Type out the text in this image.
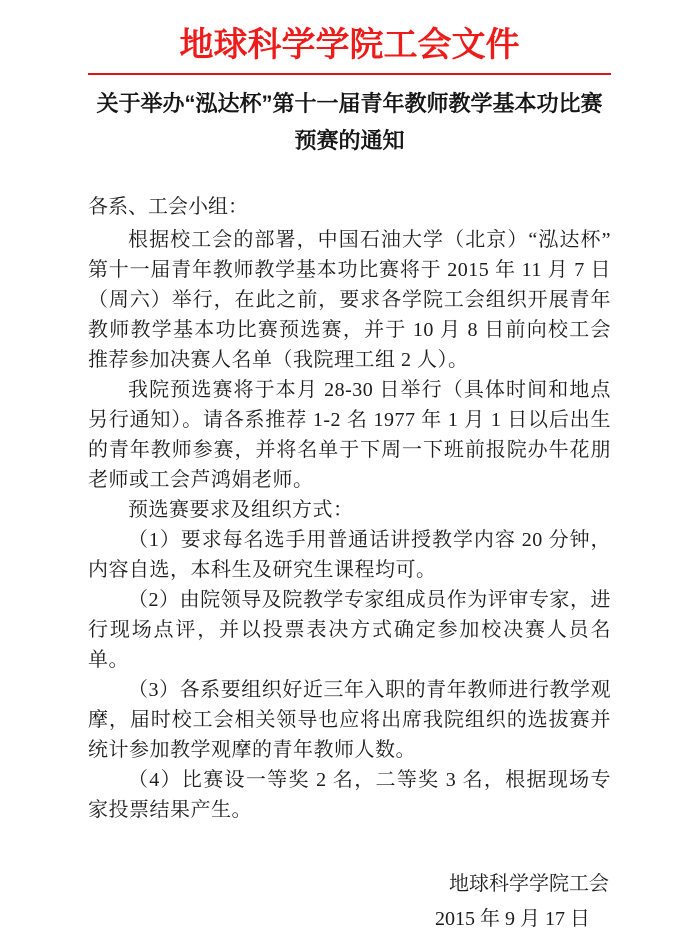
地球科学学院工会文件
关于举办“泓达杯”第十一届青年教师教学基本功比赛
预赛的通知

各系、工会小组：

根据校工会的部署，中国石油大学（北京）“泓达杯” 第十一届青年教师教学基本功比赛将于 2015 年 11 月 7 日（周六）举行，在此之前，要求各学院工会组织开展青年教师教学基本功比赛预选赛，并于 10 月 8 日前向校工会推荐参加决赛人名单（我院理工组 2 人）。

我院预选赛将于本月 28-30 日举行（具体时间和地点另行通知）。请各系推荐 1-2 名 1977 年 1 月 1 日以后出生的青年教师参赛，并将名单于下周一下班前报院办牛花朋老师或工会芦鸿娟老师。

预选赛要求及组织方式：

（1）要求每名选手用普通话讲授教学内容 20 分钟，内容自选，本科生及研究生课程均可。

（2）由院领导及院教学专家组成员作为评审专家，进行现场点评，并以投票表决方式确定参加校决赛人员名单。

（3）各系要组织好近三年入职的青年教师进行教学观摩，届时校工会相关领导也应将出席我院组织的选拔赛并统计参加教学观摩的青年教师人数。

（4）比赛设一等奖 2 名，二等奖 3 名，根据现场专家投票结果产生。

地球科学学院工会

2015 年 9 月 17 日
